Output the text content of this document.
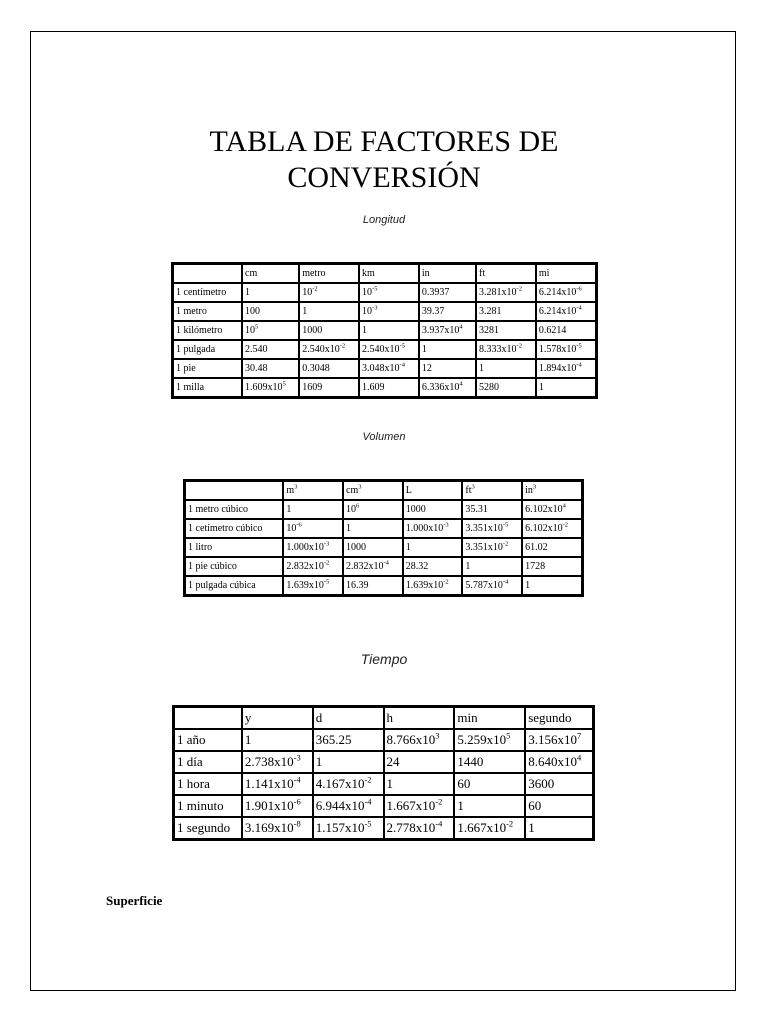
TABLA DE FACTORES DE
CONVERSIÓN
Longitud
	cm	metro	km	in	ft	mi
1 centímetro	1	$10^{-2}$	$10^{-5}$	0.3937	$3.281x10^{-2}$	$6.214x10^{-6}$
1 metro	100	1	$10^{-3}$	39.37	3.281	$6.214x10^{-4}$
1 kilómetro	$10^5$	1000	1	$3.937x10^4$	3281	0.6214
1 pulgada	2.540	$2.540x10^{-2}$	$2.540x10^{-5}$	1	$8.333x10^{-2}$	$1.578x10^{-5}$
1 pie	30.48	0.3048	$3.048x10^{-4}$	12	1	$1.894x10^{-4}$
1 milla	$1.609x10^5$	1609	1.609	$6.336x10^4$	5280	1
Volumen
	$m^3$	$cm^3$	L	$ft^3$	$in^3$
1 metro cúbico	1	$10^6$	1000	35.31	$6.102x10^4$
1 cetímetro cúbico	$10^{-6}$	1	$1.000x10^{-3}$	$3.351x10^{-5}$	$6.102x10^{-2}$
1 litro	$1.000x10^{-3}$	1000	1	$3.351x10^{-2}$	61.02
1 pie cúbico	$2.832x10^{-2}$	$2.832x10^{-4}$	28.32	1	1728
1 pulgada cúbica	$1.639x10^{-5}$	16.39	$1.639x10^{-2}$	$5.787x10^{-4}$	1
Tiempo
	y	d	h	min	segundo
1 año	1	365.25	$8.766x10^3$	$5.259x10^5$	$3.156x10^7$
1 día	$2.738x10^{-3}$	1	24	1440	$8.640x10^4$
1 hora	$1.141x10^{-4}$	$4.167x10^{-2}$	1	60	3600
1 minuto	$1.901x10^{-6}$	$6.944x10^{-4}$	$1.667x10^{-2}$	1	60
1 segundo	$3.169x10^{-8}$	$1.157x10^{-5}$	$2.778x10^{-4}$	$1.667x10^{-2}$	1
Superficie
